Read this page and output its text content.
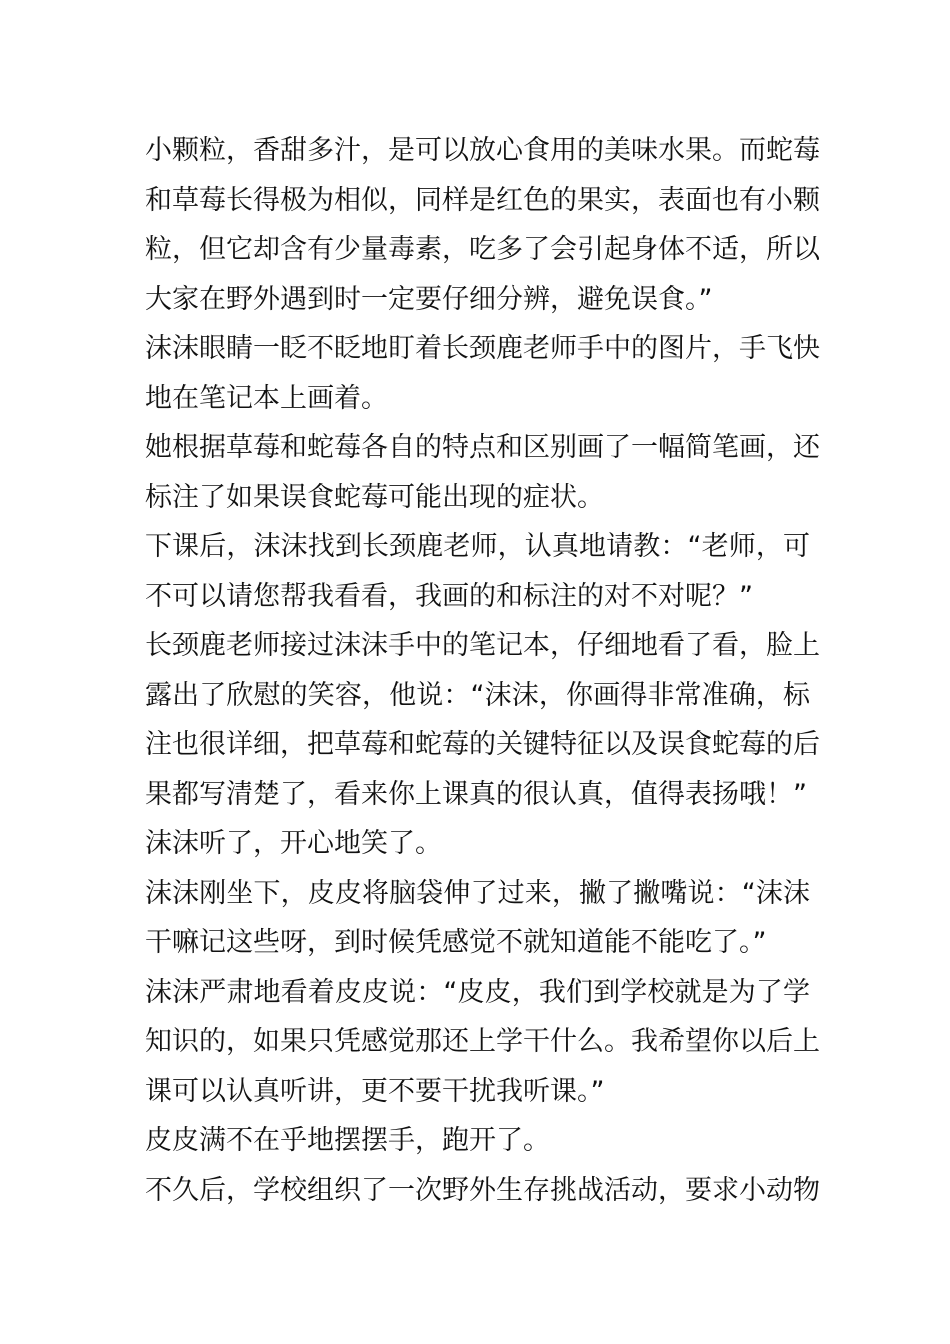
小颗粒，香甜多汁，是可以放心食用的美味水果。而蛇莓
和草莓长得极为相似，同样是红色的果实，表面也有小颗
粒，但它却含有少量毒素，吃多了会引起身体不适，所以
大家在野外遇到时一定要仔细分辨，避免误食。”
沫沫眼睛一眨不眨地盯着长颈鹿老师手中的图片，手飞快
地在笔记本上画着。
她根据草莓和蛇莓各自的特点和区别画了一幅简笔画，还
标注了如果误食蛇莓可能出现的症状。
下课后，沫沫找到长颈鹿老师，认真地请教：“老师，可
不可以请您帮我看看，我画的和标注的对不对呢？”
长颈鹿老师接过沫沫手中的笔记本，仔细地看了看，脸上
露出了欣慰的笑容，他说：“沫沫，你画得非常准确，标
注也很详细，把草莓和蛇莓的关键特征以及误食蛇莓的后
果都写清楚了，看来你上课真的很认真，值得表扬哦！”
沫沫听了，开心地笑了。
沫沫刚坐下，皮皮将脑袋伸了过来，撇了撇嘴说：“沫沫
干嘛记这些呀，到时候凭感觉不就知道能不能吃了。”
沫沫严肃地看着皮皮说：“皮皮，我们到学校就是为了学
知识的，如果只凭感觉那还上学干什么。我希望你以后上
课可以认真听讲，更不要干扰我听课。”
皮皮满不在乎地摆摆手，跑开了。
不久后，学校组织了一次野外生存挑战活动，要求小动物
